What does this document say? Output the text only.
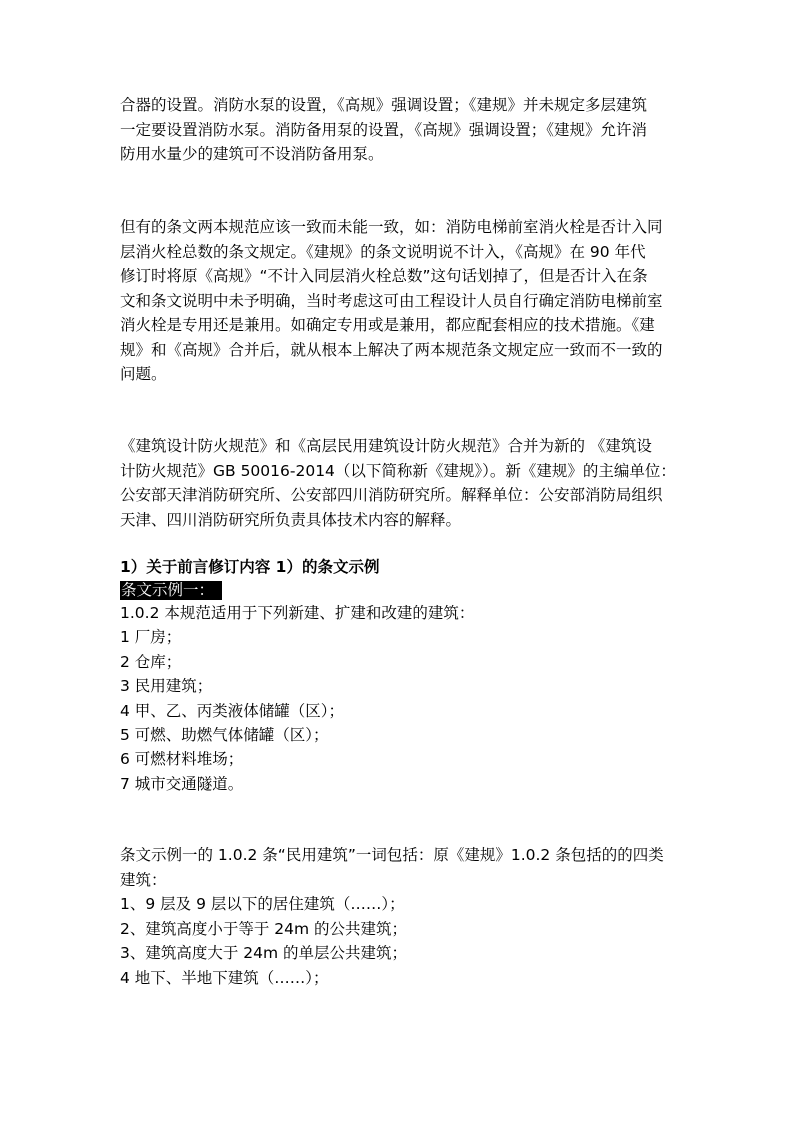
合器的设置。消防水泵的设置，《高规》强调设置；《建规》并未规定多层建筑
一定要设置消防水泵。消防备用泵的设置，《高规》强调设置；《建规》允许消
防用水量少的建筑可不设消防备用泵。
但有的条文两本规范应该一致而未能一致，如：消防电梯前室消火栓是否计入同
层消火栓总数的条文规定。《建规》的条文说明说不计入，《高规》在 90 年代
修订时将原《高规》“不计入同层消火栓总数”这句话划掉了，但是否计入在条
文和条文说明中未予明确，当时考虑这可由工程设计人员自行确定消防电梯前室
消火栓是专用还是兼用。如确定专用或是兼用，都应配套相应的技术措施。《建
规》和《高规》合并后，就从根本上解决了两本规范条文规定应一致而不一致的
问题。
《建筑设计防火规范》和《高层民用建筑设计防火规范》合并为新的 《建筑设
计防火规范》GB 50016-2014（以下简称新《建规》）。新《建规》的主编单位：
公安部天津消防研究所、公安部四川消防研究所。解释单位：公安部消防局组织
天津、四川消防研究所负责具体技术内容的解释。
1）关于前言修订内容 1）的条文示例
条文示例一：
1.0.2 本规范适用于下列新建、扩建和改建的建筑：
1 厂房；
2 仓库；
3 民用建筑；
4 甲、乙、丙类液体储罐（区）；
5 可燃、助燃气体储罐（区）；
6 可燃材料堆场；
7 城市交通隧道。
条文示例一的 1.0.2 条“民用建筑”一词包括：原《建规》1.0.2 条包括的的四类
建筑：
1、9 层及 9 层以下的居住建筑（……）；
2、建筑高度小于等于 24m 的公共建筑；
3、建筑高度大于 24m 的单层公共建筑；
4 地下、半地下建筑（……）；
